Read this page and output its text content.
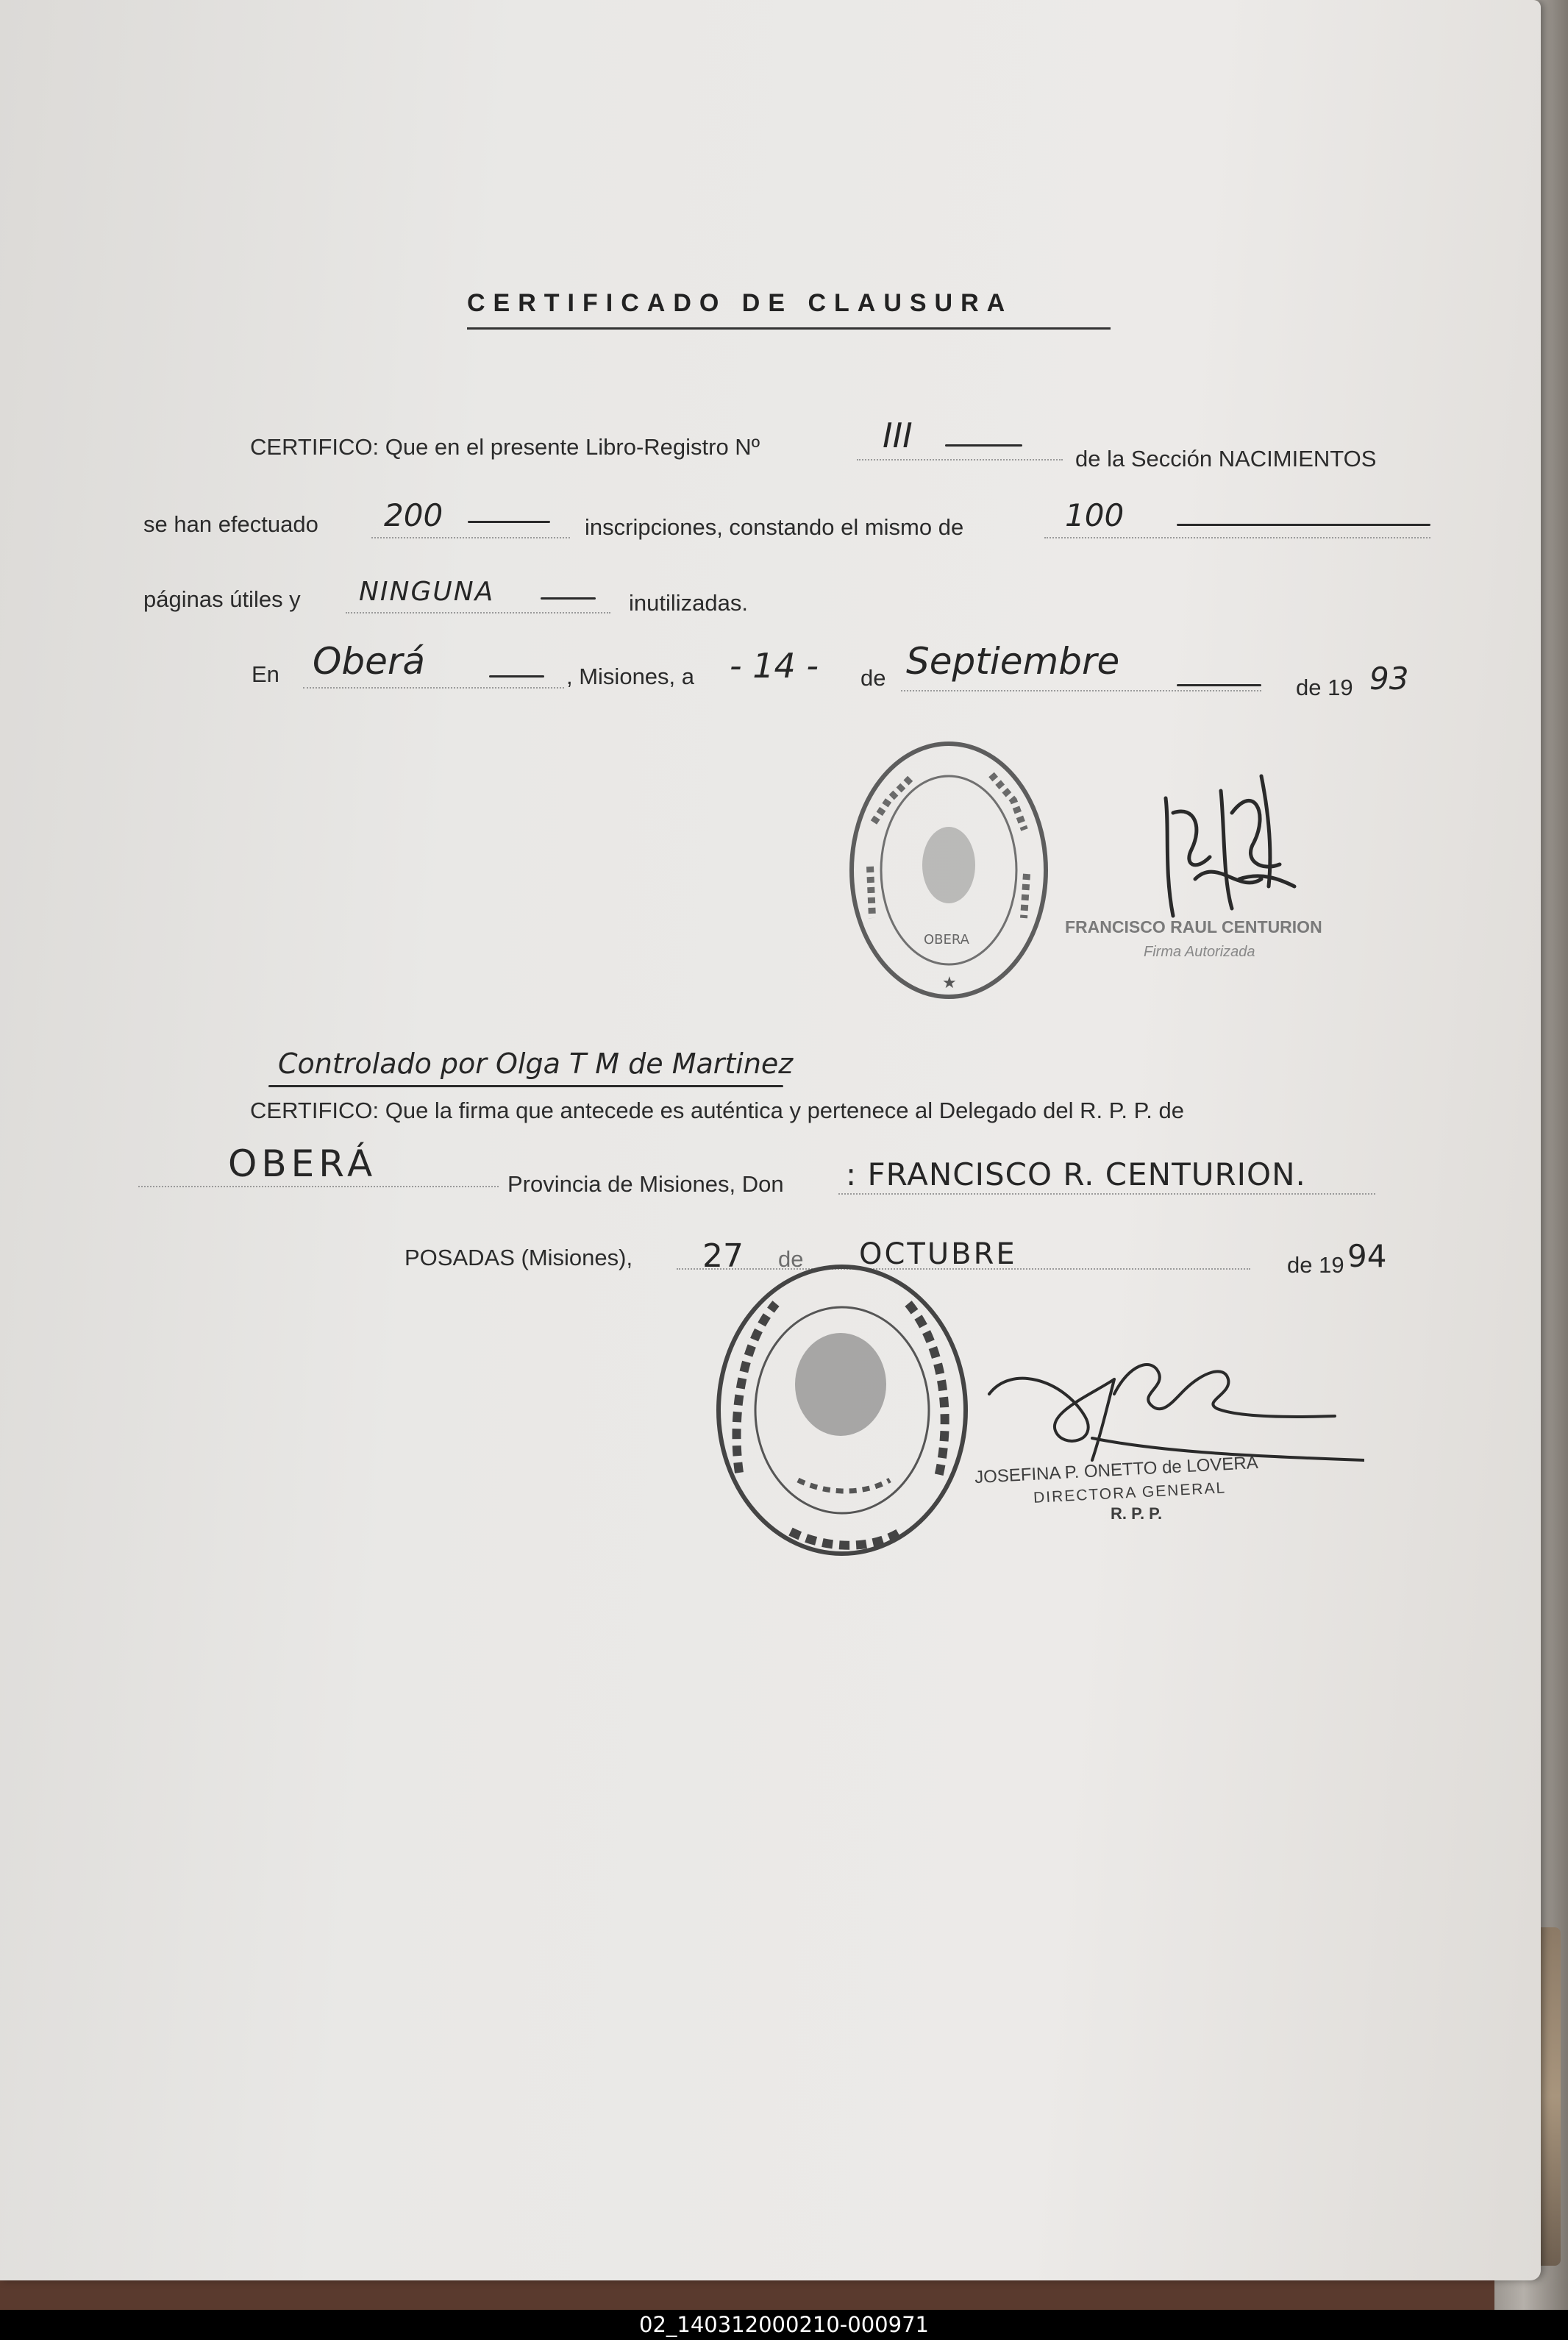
CERTIFICADO DE CLAUSURA
CERTIFICO: Que en el presente Libro-Registro Nº	III
de la Sección NACIMIENTOS
se han efectuado 200	inscripciones, constando el mismo de	100
páginas útiles y NINGUNA	inutilizadas.
En Oberá	, Misiones, a - 14 - de Septiembre
de 19 93
OBERA
★
FRANCISCO RAUL CENTURION
Firma Autorizada
Controlado por Olga T M de Martinez
CERTIFICO: Que la firma que antecede es auténtica y pertenece al Delegado del R. P. P. de
OBERÁ	Provincia de Misiones, Don : FRANCISCO R. CENTURION.
POSADAS (Misiones), 27 de OCTUBRE	de 19 94
JOSEFINA P. ONETTO de LOVERA
DIRECTORA GENERAL
R. P. P.
02_140312000210-000971
